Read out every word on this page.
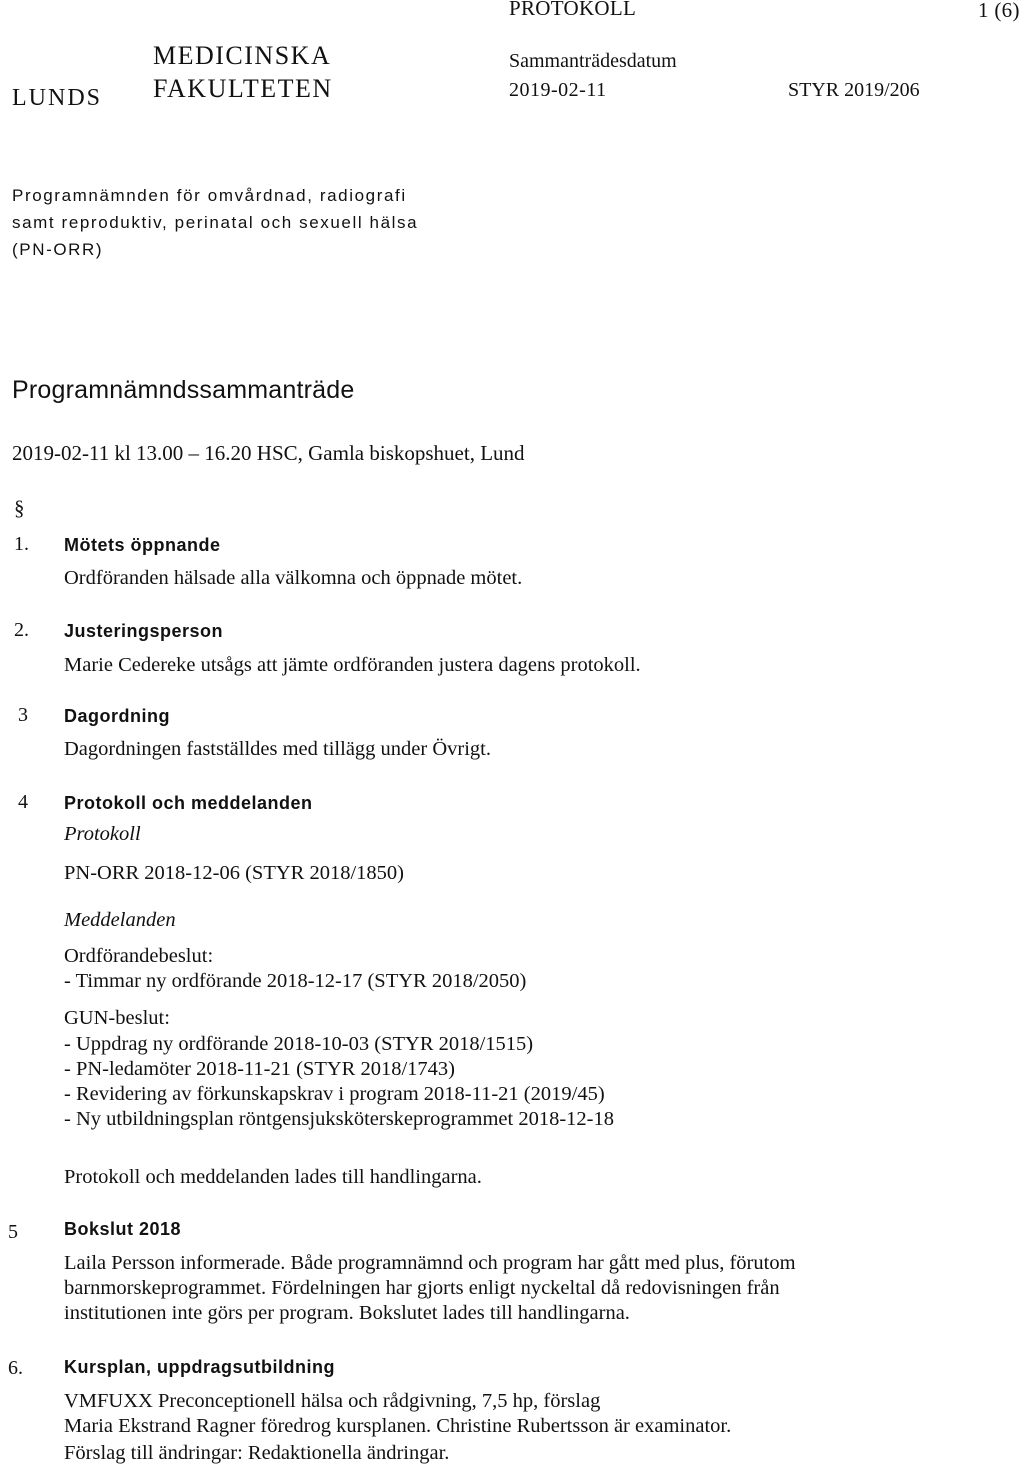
PROTOKOLL	1 (6)
Sammanträdesdatum
2019-02-11	STYR 2019/206
LUNDS
MEDICINSKA
FAKULTETEN
Programnämnden för omvårdnad, radiografi
samt reproduktiv, perinatal och sexuell hälsa
(PN-ORR)
Programnämndssammanträde
2019-02-11 kl 13.00 – 16.20 HSC, Gamla biskopshuet, Lund
§
1. Mötets öppnande
Ordföranden hälsade alla välkomna och öppnade mötet.
2. Justeringsperson
Marie Cedereke utsågs att jämte ordföranden justera dagens protokoll.
3 Dagordning
Dagordningen fastställdes med tillägg under Övrigt.
4 Protokoll och meddelanden
Protokoll
PN-ORR 2018-12-06 (STYR 2018/1850)
Meddelanden
Ordförandebeslut:
- Timmar ny ordförande 2018-12-17 (STYR 2018/2050)
GUN-beslut:
- Uppdrag ny ordförande 2018-10-03 (STYR 2018/1515)
- PN-ledamöter 2018-11-21 (STYR 2018/1743)
- Revidering av förkunskapskrav i program 2018-11-21 (2019/45)
- Ny utbildningsplan röntgensjuksköterskeprogrammet 2018-12-18
Protokoll och meddelanden lades till handlingarna.
5	Bokslut 2018
Laila Persson informerade. Både programnämnd och program har gått med plus, förutom
barnmorskeprogrammet. Fördelningen har gjorts enligt nyckeltal då redovisningen från
institutionen inte görs per program. Bokslutet lades till handlingarna.
6. Kursplan, uppdragsutbildning
VMFUXX Preconceptionell hälsa och rådgivning, 7,5 hp, förslag
Maria Ekstrand Ragner föredrog kursplanen. Christine Rubertsson är examinator.
Förslag till ändringar: Redaktionella ändringar.
